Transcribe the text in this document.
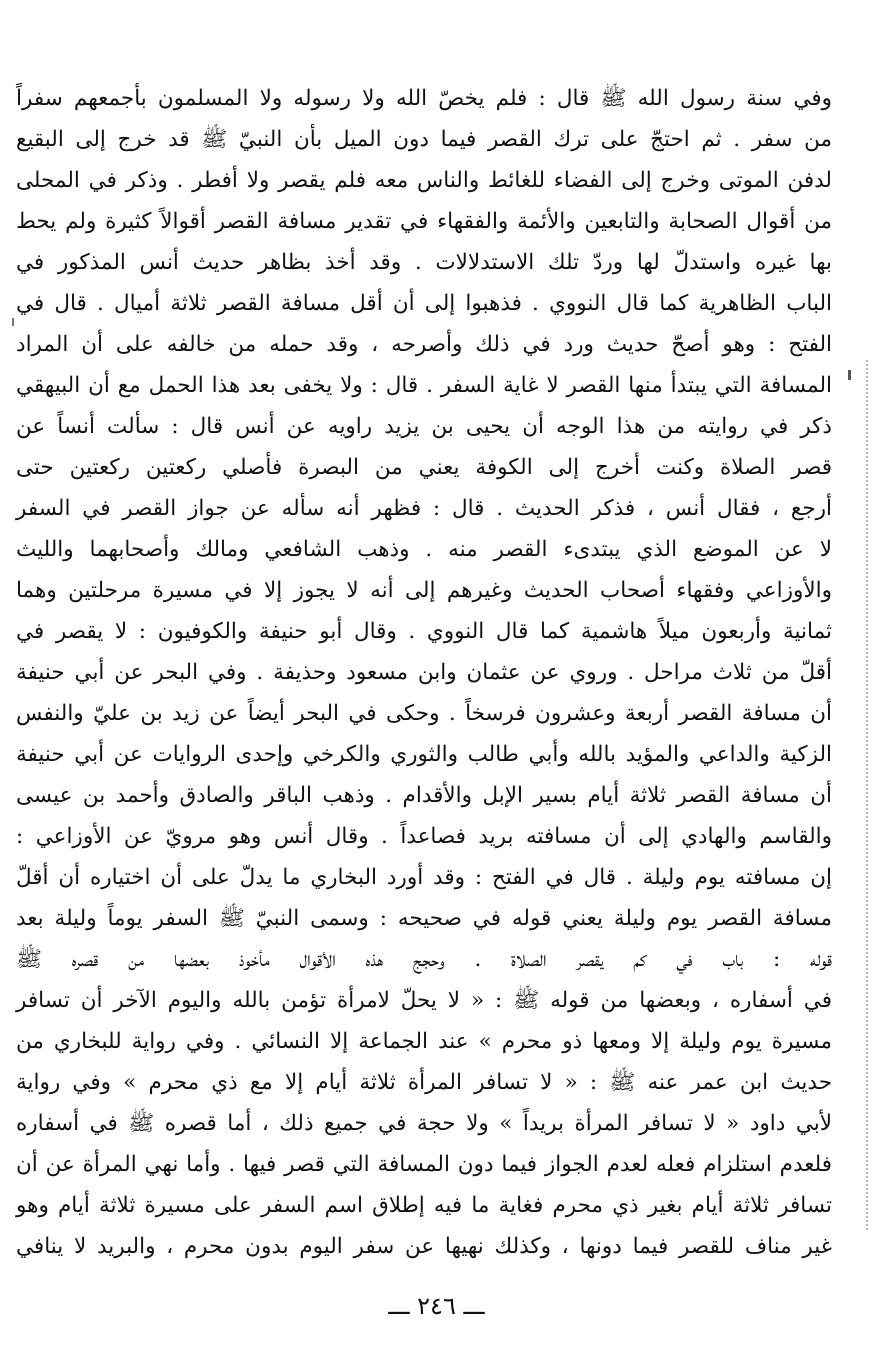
وفي سنة رسول الله ﷺ قال : فلم يخصّ الله ولا رسوله ولا المسلمون بأجمعهم سفراً
من سفر . ثم احتجّ على ترك القصر فيما دون الميل بأن النبيّ ﷺ قد خرج إلى البقيع
لدفن الموتى وخرج إلى الفضاء للغائط والناس معه فلم يقصر ولا أفطر . وذكر في المحلى
من أقوال الصحابة والتابعين والأئمة والفقهاء في تقدير مسافة القصر أقوالاً كثيرة ولم يحط
بها غيره واستدلّ لها وردّ تلك الاستدلالات . وقد أخذ بظاهر حديث أنس المذكور في
الباب الظاهرية كما قال النووي . فذهبوا إلى أن أقل مسافة القصر ثلاثة أميال . قال في
الفتح : وهو أصحّ حديث ورد في ذلك وأصرحه ، وقد حمله من خالفه على أن المراد
المسافة التي يبتدأ منها القصر لا غاية السفر . قال : ولا يخفى بعد هذا الحمل مع أن البيهقي
ذكر في روايته من هذا الوجه أن يحيى بن يزيد راويه عن أنس قال : سألت أنساً عن
قصر الصلاة وكنت أخرج إلى الكوفة يعني من البصرة فأصلي ركعتين ركعتين حتى
أرجع ، فقال أنس ، فذكر الحديث . قال : فظهر أنه سأله عن جواز القصر في السفر
لا عن الموضع الذي يبتدىء القصر منه . وذهب الشافعي ومالك وأصحابهما والليث
والأوزاعي وفقهاء أصحاب الحديث وغيرهم إلى أنه لا يجوز إلا في مسيرة مرحلتين وهما
ثمانية وأربعون ميلاً هاشمية كما قال النووي . وقال أبو حنيفة والكوفيون : لا يقصر في
أقلّ من ثلاث مراحل . وروي عن عثمان وابن مسعود وحذيفة . وفي البحر عن أبي حنيفة
أن مسافة القصر أربعة وعشرون فرسخاً . وحكى في البحر أيضاً عن زيد بن عليّ والنفس
الزكية والداعي والمؤيد بالله وأبي طالب والثوري والكرخي وإحدى الروايات عن أبي حنيفة
أن مسافة القصر ثلاثة أيام بسير الإبل والأقدام . وذهب الباقر والصادق وأحمد بن عيسى
والقاسم والهادي إلى أن مسافته بريد فصاعداً . وقال أنس وهو مرويّ عن الأوزاعي :
إن مسافته يوم وليلة . قال في الفتح : وقد أورد البخاري ما يدلّ على أن اختياره أن أقلّ
مسافة القصر يوم وليلة يعني قوله في صحيحه : وسمى النبيّ ﷺ السفر يوماً وليلة بعد
قوله : باب في كم يقصر الصلاة . وحجج هذه الأقوال مأخوذ بعضها من قصره ﷺ
في أسفاره ، وبعضها من قوله ﷺ : « لا يحلّ لامرأة تؤمن بالله واليوم الآخر أن تسافر
مسيرة يوم وليلة إلا ومعها ذو محرم » عند الجماعة إلا النسائي . وفي رواية للبخاري من
حديث ابن عمر عنه ﷺ : « لا تسافر المرأة ثلاثة أيام إلا مع ذي محرم » وفي رواية
لأبي داود « لا تسافر المرأة بريداً » ولا حجة في جميع ذلك ، أما قصره ﷺ في أسفاره
فلعدم استلزام فعله لعدم الجواز فيما دون المسافة التي قصر فيها . وأما نهي المرأة عن أن
تسافر ثلاثة أيام بغير ذي محرم فغاية ما فيه إطلاق اسم السفر على مسيرة ثلاثة أيام وهو
غير مناف للقصر فيما دونها ، وكذلك نهيها عن سفر اليوم بدون محرم ، والبريد لا ينافي
ـــ ٢٤٦ ـــ
